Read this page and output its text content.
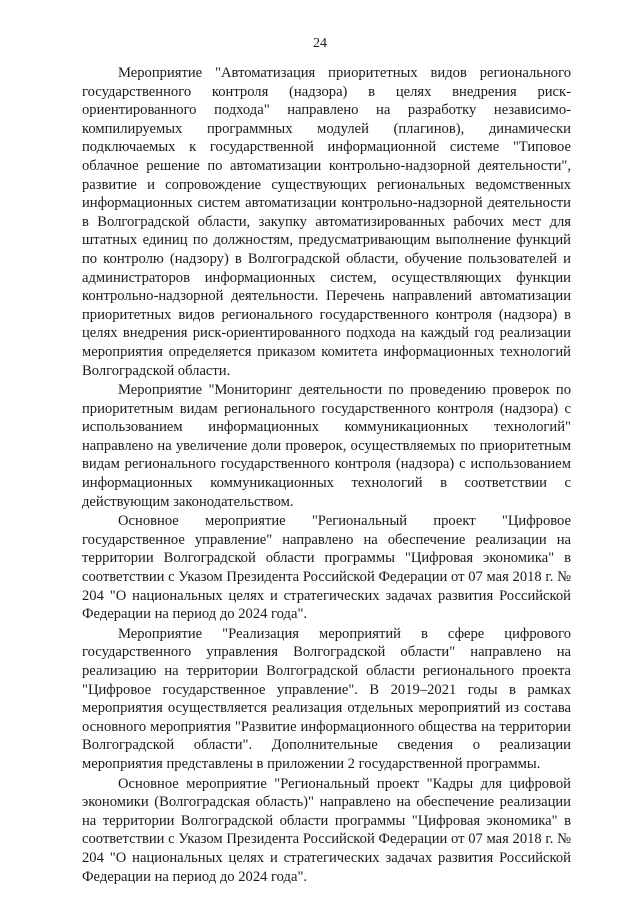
24

Мероприятие "Автоматизация приоритетных видов регионального государственного контроля (надзора) в целях внедрения риск-ориентированного подхода" направлено на разработку независимо-компилируемых программных модулей (плагинов), динамически подключаемых к государственной информационной системе "Типовое облачное решение по автоматизации контрольно-надзорной деятельности", развитие и сопровождение существующих региональных ведомственных информационных систем автоматизации контрольно-надзорной деятельности в Волгоградской области, закупку автоматизированных рабочих мест для штатных единиц по должностям, предусматривающим выполнение функций по контролю (надзору) в Волгоградской области, обучение пользователей и администраторов информационных систем, осуществляющих функции контрольно-надзорной деятельности. Перечень направлений автоматизации приоритетных видов регионального государственного контроля (надзора) в целях внедрения риск-ориентированного подхода на каждый год реализации мероприятия определяется приказом комитета информационных технологий Волгоградской области.

Мероприятие "Мониторинг деятельности по проведению проверок по приоритетным видам регионального государственного контроля (надзора) с использованием информационных коммуникационных технологий" направлено на увеличение доли проверок, осуществляемых по приоритетным видам регионального государственного контроля (надзора) с использованием информационных коммуникационных технологий в соответствии с действующим законодательством.

Основное мероприятие "Региональный проект "Цифровое государственное управление" направлено на обеспечение реализации на территории Волгоградской области программы "Цифровая экономика" в соответствии с Указом Президента Российской Федерации от 07 мая 2018 г. № 204 "О национальных целях и стратегических задачах развития Российской Федерации на период до 2024 года".

Мероприятие "Реализация мероприятий в сфере цифрового государственного управления Волгоградской области" направлено на реализацию на территории Волгоградской области регионального проекта "Цифровое государственное управление". В 2019–2021 годы в рамках мероприятия осуществляется реализация отдельных мероприятий из состава основного мероприятия "Развитие информационного общества на территории Волгоградской области". Дополнительные сведения о реализации мероприятия представлены в приложении 2 государственной программы.

Основное мероприятие "Региональный проект "Кадры для цифровой экономики (Волгоградская область)" направлено на обеспечение реализации на территории Волгоградской области программы "Цифровая экономика" в соответствии с Указом Президента Российской Федерации от 07 мая 2018 г. № 204 "О национальных целях и стратегических задачах развития Российской Федерации на период до 2024 года".
